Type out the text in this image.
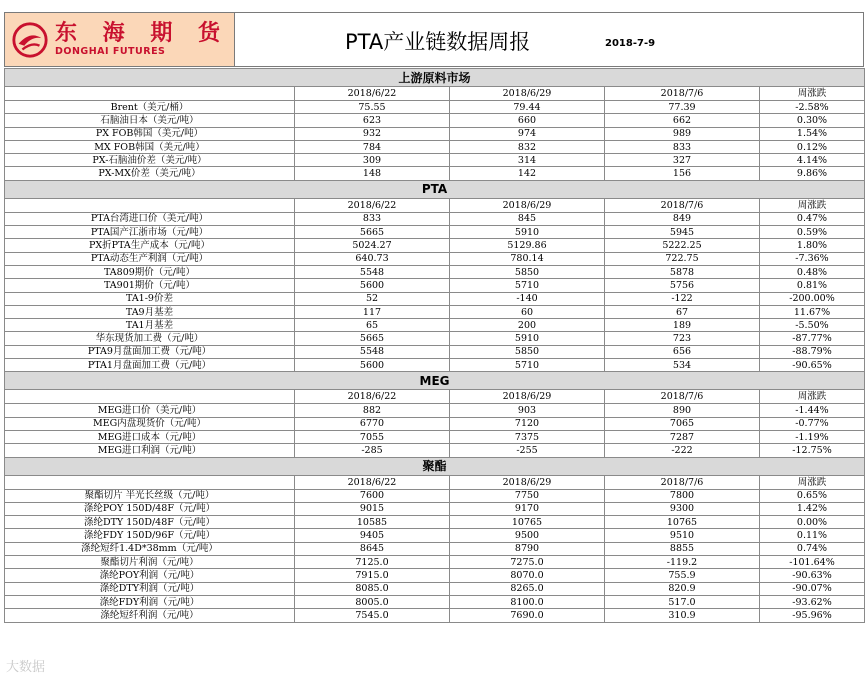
东 海 期 货
DONGHAI FUTURES	PTA产业链数据周报	2018-7-9
上游原料市场				
	2018/6/22	2018/6/29	2018/7/6	周涨跌
Brent（美元/桶）	75.55	79.44	77.39	-2.58%
石脑油日本（美元/吨）	623	660	662	0.30%
PX FOB韩国（美元/吨）	932	974	989	1.54%
MX FOB韩国（美元/吨）	784	832	833	0.12%
PX-石脑油价差（美元/吨）	309	314	327	4.14%
PX-MX价差（美元/吨）	148	142	156	9.86%
PTA				
	2018/6/22	2018/6/29	2018/7/6	周涨跌
PTA台湾进口价（美元/吨）	833	845	849	0.47%
PTA国产江浙市场（元/吨）	5665	5910	5945	0.59%
PX折PTA生产成本（元/吨）	5024.27	5129.86	5222.25	1.80%
PTA动态生产利润（元/吨）	640.73	780.14	722.75	-7.36%
TA809期价（元/吨）	5548	5850	5878	0.48%
TA901期价（元/吨）	5600	5710	5756	0.81%
TA1-9价差	52	-140	-122	-200.00%
TA9月基差	117	60	67	11.67%
TA1月基差	65	200	189	-5.50%
华东现货加工费（元/吨）	5665	5910	723	-87.77%
PTA9月盘面加工费（元/吨）	5548	5850	656	-88.79%
PTA1月盘面加工费（元/吨）	5600	5710	534	-90.65%
MEG				
	2018/6/22	2018/6/29	2018/7/6	周涨跌
MEG进口价（美元/吨）	882	903	890	-1.44%
MEG内盘现货价（元/吨）	6770	7120	7065	-0.77%
MEG进口成本（元/吨）	7055	7375	7287	-1.19%
MEG进口利润（元/吨）	-285	-255	-222	-12.75%
聚酯				
	2018/6/22	2018/6/29	2018/7/6	周涨跌
聚酯切片 半光长丝级（元/吨）	7600	7750	7800	0.65%
涤纶POY 150D/48F（元/吨）	9015	9170	9300	1.42%
涤纶DTY 150D/48F（元/吨）	10585	10765	10765	0.00%
涤纶FDY 150D/96F（元/吨）	9405	9500	9510	0.11%
涤纶短纤1.4D*38mm（元/吨）	8645	8790	8855	0.74%
聚酯切片利润（元/吨）	7125.0	7275.0	-119.2	-101.64%
涤纶POY利润（元/吨）	7915.0	8070.0	755.9	-90.63%
涤纶DTY利润（元/吨）	8085.0	8265.0	820.9	-90.07%
涤纶FDY利润（元/吨）	8005.0	8100.0	517.0	-93.62%
涤纶短纤利润（元/吨）	7545.0	7690.0	310.9	-95.96%
大数据
